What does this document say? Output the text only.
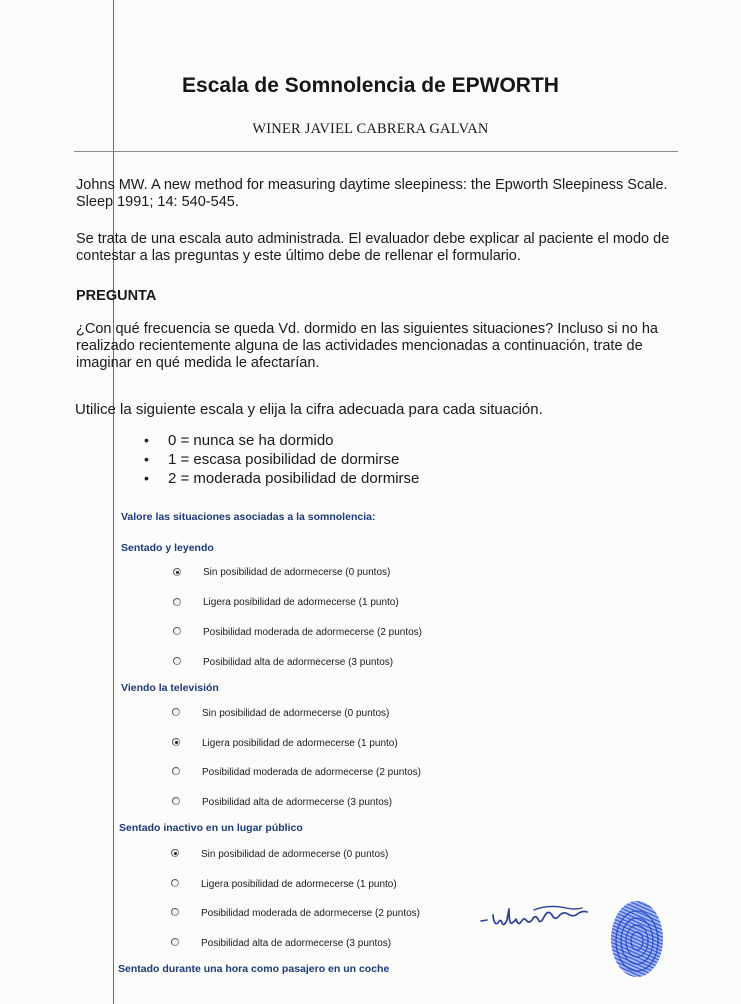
Escala de Somnolencia de EPWORTH
WINER JAVIEL CABRERA GALVAN

Johns MW. A new method for measuring daytime sleepiness: the Epworth Sleepiness Scale. Sleep 1991; 14: 540-545.

Se trata de una escala auto administrada. El evaluador debe explicar al paciente el modo de contestar a las preguntas y este último debe de rellenar el formulario.

PREGUNTA

¿Con qué frecuencia se queda Vd. dormido en las siguientes situaciones? Incluso si no ha realizado recientemente alguna de las actividades mencionadas a continuación, trate de imaginar en qué medida le afectarían.

Utilice la siguiente escala y elija la cifra adecuada para cada situación.

• 0 = nunca se ha dormido
• 1 = escasa posibilidad de dormirse
• 2 = moderada posibilidad de dormirse
Valore las situaciones asociadas a la somnolencia:
Sentado y leyendo
Sin posibilidad de adormecerse (0 puntos)
Ligera posibilidad de adormecerse (1 punto)
Posibilidad moderada de adormecerse (2 puntos)
Posibilidad alta de adormecerse (3 puntos)
Viendo la televisión
Sin posibilidad de adormecerse (0 puntos)
Ligera posibilidad de adormecerse (1 punto)
Posibilidad moderada de adormecerse (2 puntos)
Posibilidad alta de adormecerse (3 puntos)
Sentado inactivo en un lugar público
Sin posibilidad de adormecerse (0 puntos)
Ligera posibilidad de adormecerse (1 punto)
Posibilidad moderada de adormecerse (2 puntos)
Posibilidad alta de adormecerse (3 puntos)
Sentado durante una hora como pasajero en un coche
